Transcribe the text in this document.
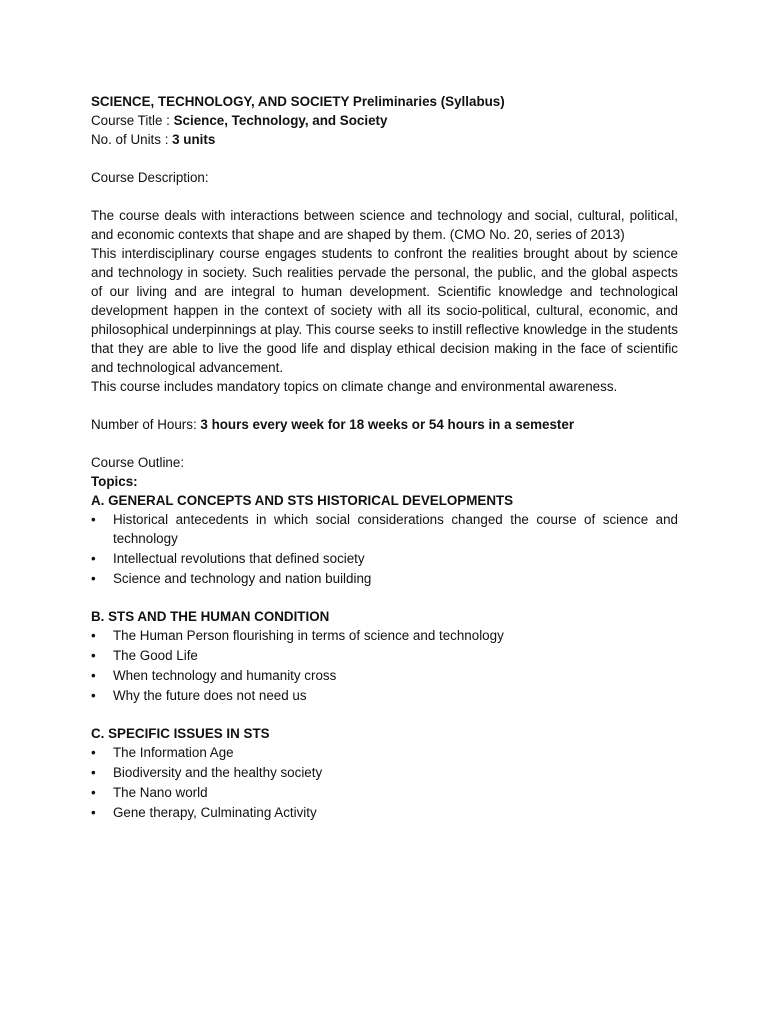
SCIENCE, TECHNOLOGY, AND SOCIETY Preliminaries (Syllabus)
Course Title : Science, Technology, and Society
No. of Units : 3 units
Course Description:

The course deals with interactions between science and technology and social, cultural, political, and economic contexts that shape and are shaped by them. (CMO No. 20, series of 2013)

This interdisciplinary course engages students to confront the realities brought about by science and technology in society. Such realities pervade the personal, the public, and the global aspects of our living and are integral to human development. Scientific knowledge and technological development happen in the context of society with all its socio-political, cultural, economic, and philosophical underpinnings at play. This course seeks to instill reflective knowledge in the students that they are able to live the good life and display ethical decision making in the face of scientific and technological advancement.

This course includes mandatory topics on climate change and environmental awareness.

Number of Hours: 3 hours every week for 18 weeks or 54 hours in a semester
Course Outline:
Topics:
A. GENERAL CONCEPTS AND STS HISTORICAL DEVELOPMENTS
•	Historical antecedents in which social considerations changed the course of science and technology
•	Intellectual revolutions that defined society
•	Science and technology and nation building
B. STS AND THE HUMAN CONDITION
•	The Human Person flourishing in terms of science and technology
•	The Good Life
•	When technology and humanity cross
•	Why the future does not need us
C. SPECIFIC ISSUES IN STS
•	The Information Age
•	Biodiversity and the healthy society
•	The Nano world
•	Gene therapy, Culminating Activity
